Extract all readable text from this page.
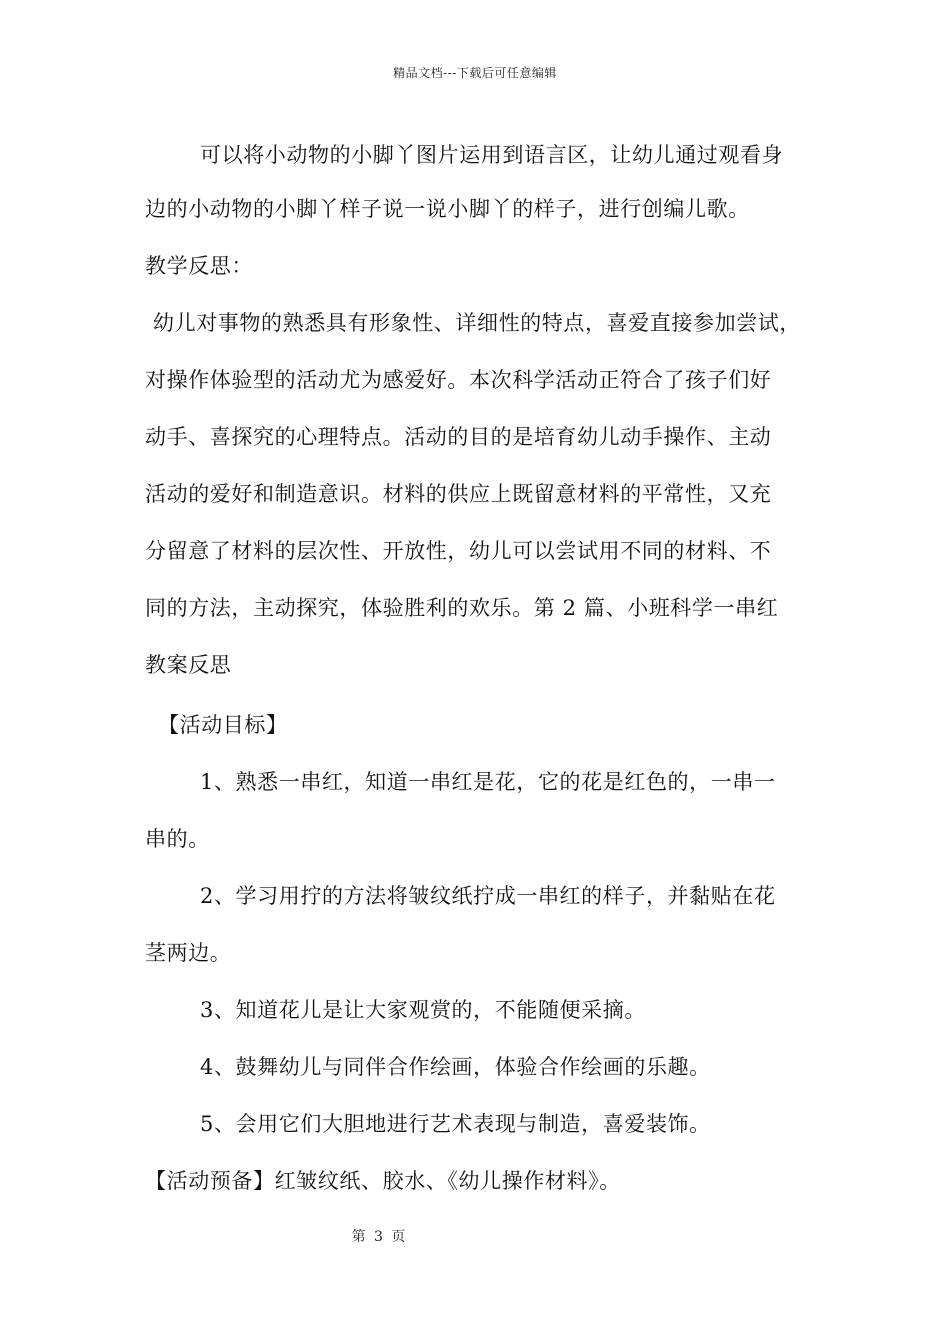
精品文档---下载后可任意编辑
可以将小动物的小脚丫图片运用到语言区，让幼儿通过观看身
边的小动物的小脚丫样子说一说小脚丫的样子，进行创编儿歌。
教学反思：
幼儿对事物的熟悉具有形象性、详细性的特点，喜爱直接参加尝试，
对操作体验型的活动尤为感爱好。本次科学活动正符合了孩子们好
动手、喜探究的心理特点。活动的目的是培育幼儿动手操作、主动
活动的爱好和制造意识。材料的供应上既留意材料的平常性，又充
分留意了材料的层次性、开放性，幼儿可以尝试用不同的材料、不
同的方法，主动探究，体验胜利的欢乐。第 2 篇、小班科学一串红
教案反思
【活动目标】
1、熟悉一串红，知道一串红是花，它的花是红色的，一串一
串的。
2、学习用拧的方法将皱纹纸拧成一串红的样子，并黏贴在花
茎两边。
3、知道花儿是让大家观赏的，不能随便采摘。
4、鼓舞幼儿与同伴合作绘画，体验合作绘画的乐趣。
5、会用它们大胆地进行艺术表现与制造，喜爱装饰。
【活动预备】红皱纹纸、胶水、《幼儿操作材料》。
第 3 页
